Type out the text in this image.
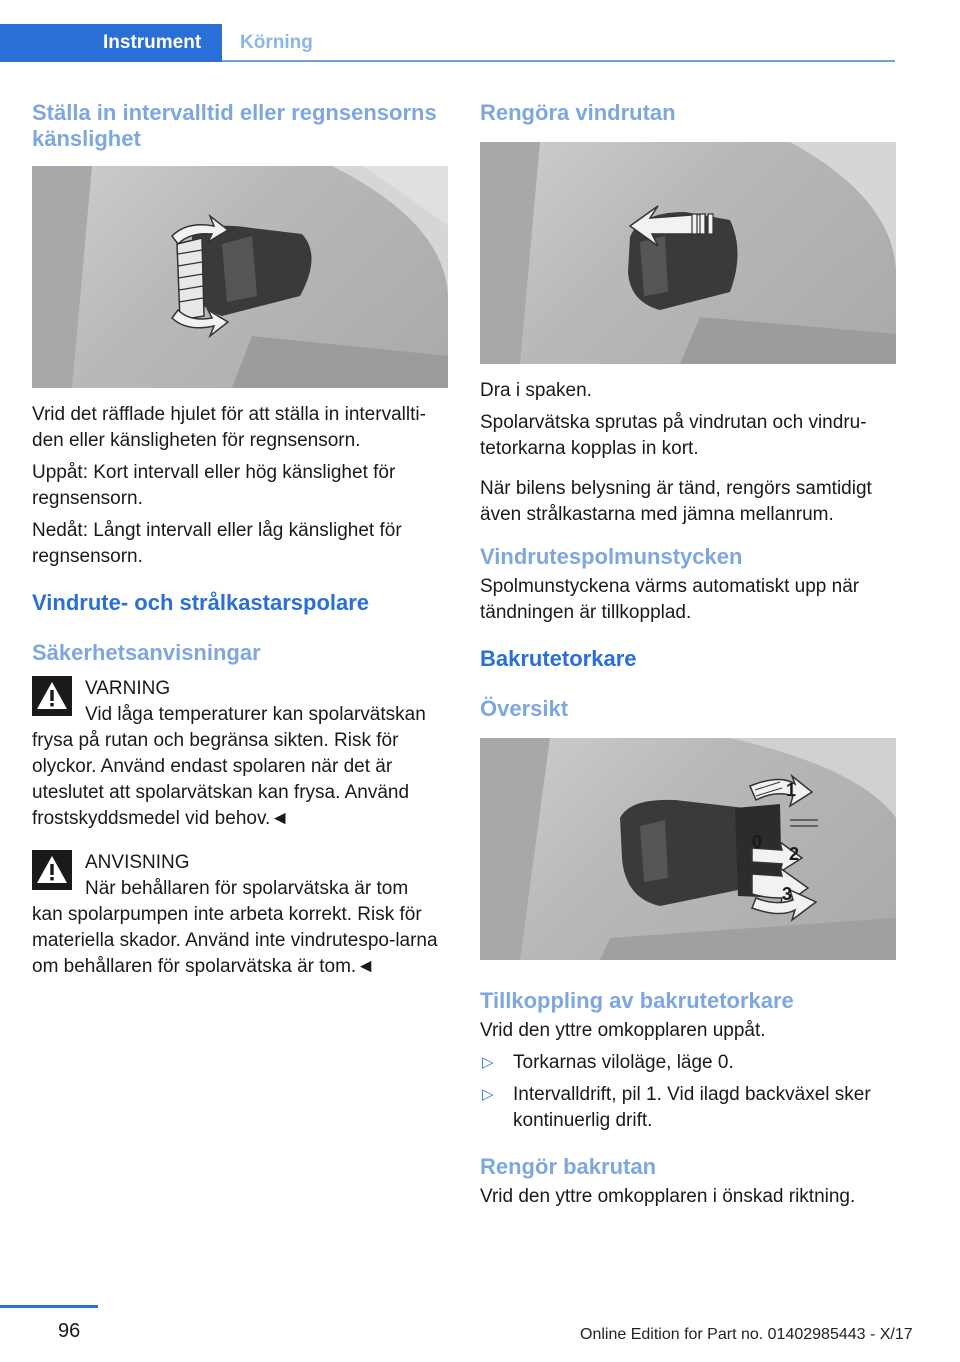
Instrument	Körning
Ställa in intervalltid eller regnsensorns känslighet

Vrid det räfflade hjulet för att ställa in intervallti-den eller känsligheten för regnsensorn.

Uppåt: Kort intervall eller hög känslighet för regnsensorn.

Nedåt: Långt intervall eller låg känslighet för regnsensorn.

Vindrute- och strålkastarspolare
Säkerhetsanvisningar
VARNING
Vid låga temperaturer kan spolarvätskan
frysa på rutan och begränsa sikten. Risk för olyckor. Använd endast spolaren när det är uteslutet att spolarvätskan kan frysa. Använd frostskyddsmedel vid behov.◄
ANVISNING
När behållaren för spolarvätska är tom
kan spolarpumpen inte arbeta korrekt. Risk för materiella skador. Använd inte vindrutespo-larna om behållaren för spolarvätska är tom.◄
Rengöra vindrutan

Dra i spaken.

Spolarvätska sprutas på vindrutan och vindru-tetorkarna kopplas in kort.

När bilens belysning är tänd, rengörs samtidigt även strålkastarna med jämna mellanrum.

Vindrutespolmunstycken

Spolmunstyckena värms automatiskt upp när tändningen är tillkopplad.

Bakrutetorkare
Översikt
1
0
2
3
Tillkoppling av bakrutetorkare

Vrid den yttre omkopplaren uppåt.

▷ Torkarnas viloläge, läge 0.
▷ Intervalldrift, pil 1. Vid ilagd backväxel sker kontinuerlig drift.
Rengör bakrutan

Vrid den yttre omkopplaren i önskad riktning.

96	Online Edition for Part no. 01402985443 - X/17
